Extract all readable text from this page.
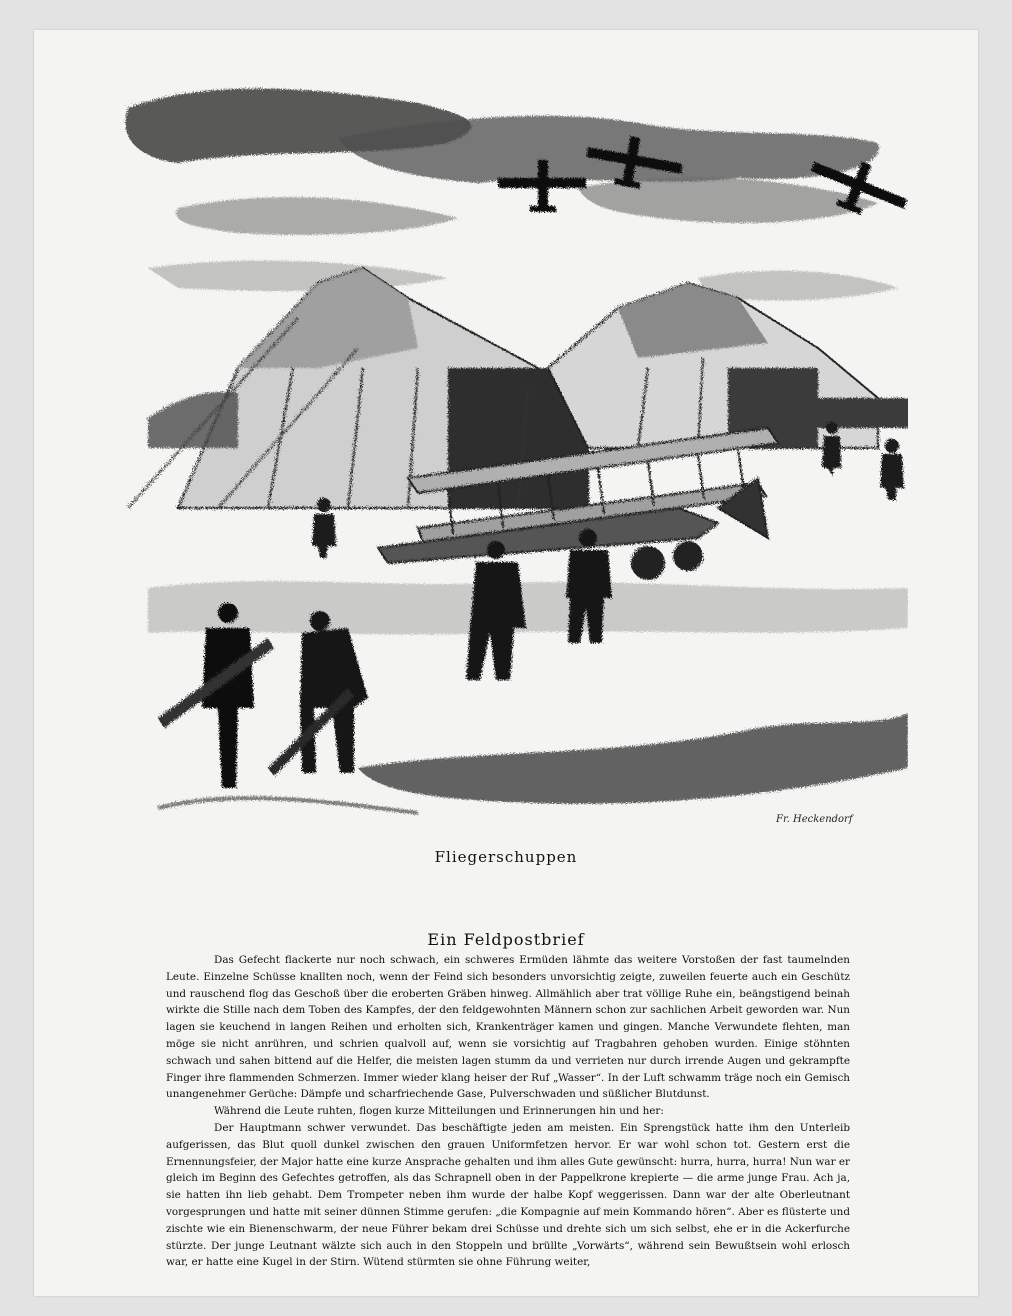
Fr. Heckendorf
Fliegerschuppen
Ein Feldpostbrief

Das Gefecht flackerte nur noch schwach, ein schweres Ermüden lähmte das weitere Vorstoßen der fast taumelnden Leute. Einzelne Schüsse knallten noch, wenn der Feind sich besonders unvorsichtig zeigte, zuweilen feuerte auch ein Geschütz und rauschend flog das Geschoß über die eroberten Gräben hinweg. Allmählich aber trat völlige Ruhe ein, beängstigend beinah wirkte die Stille nach dem Toben des Kampfes, der den feldgewohnten Männern schon zur sachlichen Arbeit geworden war. Nun lagen sie keuchend in langen Reihen und erholten sich, Krankenträger kamen und gingen. Manche Verwundete flehten, man möge sie nicht anrühren, und schrien qualvoll auf, wenn sie vorsichtig auf Tragbahren gehoben wurden. Einige stöhnten schwach und sahen bittend auf die Helfer, die meisten lagen stumm da und verrieten nur durch irrende Augen und gekrampfte Finger ihre flammenden Schmerzen. Immer wieder klang heiser der Ruf „Wasser“. In der Luft schwamm träge noch ein Gemisch unangenehmer Gerüche: Dämpfe und scharfriechende Gase, Pulverschwaden und süßlicher Blutdunst.

Während die Leute ruhten, flogen kurze Mitteilungen und Erinnerungen hin und her:

Der Hauptmann schwer verwundet. Das beschäftigte jeden am meisten. Ein Sprengstück hatte ihm den Unterleib aufgerissen, das Blut quoll dunkel zwischen den grauen Uniformfetzen hervor. Er war wohl schon tot. Gestern erst die Ernennungsfeier, der Major hatte eine kurze Ansprache gehalten und ihm alles Gute gewünscht: hurra, hurra, hurra! Nun war er gleich im Beginn des Gefechtes getroffen, als das Schrapnell oben in der Pappelkrone krepierte — die arme junge Frau. Ach ja, sie hatten ihn lieb gehabt. Dem Trompeter neben ihm wurde der halbe Kopf weggerissen. Dann war der alte Oberleutnant vorgesprungen und hatte mit seiner dünnen Stimme gerufen: „die Kompagnie auf mein Kommando hören“. Aber es flüsterte und zischte wie ein Bienenschwarm, der neue Führer bekam drei Schüsse und drehte sich um sich selbst, ehe er in die Ackerfurche stürzte. Der junge Leutnant wälzte sich auch in den Stoppeln und brüllte „Vorwärts“, während sein Bewußtsein wohl erlosch war, er hatte eine Kugel in der Stirn. Wütend stürmten sie ohne Führung weiter,
